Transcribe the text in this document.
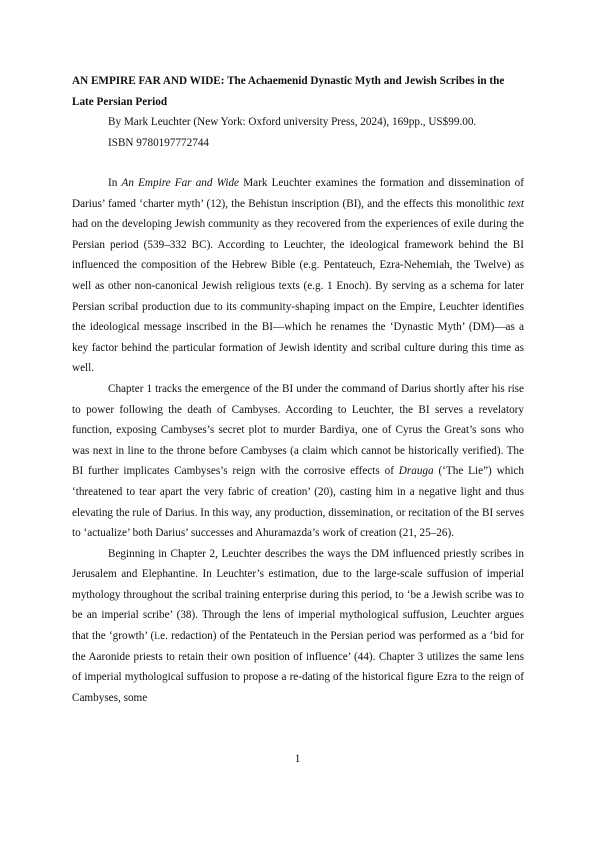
AN EMPIRE FAR AND WIDE: The Achaemenid Dynastic Myth and Jewish Scribes in the Late Persian Period
By Mark Leuchter (New York: Oxford university Press, 2024), 169pp., US$99.00.
ISBN 9780197772744

In An Empire Far and Wide Mark Leuchter examines the formation and dissemination of Darius’ famed ‘charter myth’ (12), the Behistun inscription (BI), and the effects this monolithic text had on the developing Jewish community as they recovered from the experiences of exile during the Persian period (539–332 BC). According to Leuchter, the ideological framework behind the BI influenced the composition of the Hebrew Bible (e.g. Pentateuch, Ezra-Nehemiah, the Twelve) as well as other non-canonical Jewish religious texts (e.g. 1 Enoch). By serving as a schema for later Persian scribal production due to its community-shaping impact on the Empire, Leuchter identifies the ideological message inscribed in the BI—which he renames the ‘Dynastic Myth’ (DM)—as a key factor behind the particular formation of Jewish identity and scribal culture during this time as well.

Chapter 1 tracks the emergence of the BI under the command of Darius shortly after his rise to power following the death of Cambyses. According to Leuchter, the BI serves a revelatory function, exposing Cambyses’s secret plot to murder Bardiya, one of Cyrus the Great’s sons who was next in line to the throne before Cambyses (a claim which cannot be historically verified). The BI further implicates Cambyses’s reign with the corrosive effects of Drauga (‘The Lie”) which ‘threatened to tear apart the very fabric of creation’ (20), casting him in a negative light and thus elevating the rule of Darius. In this way, any production, dissemination, or recitation of the BI serves to ‘actualize’ both Darius’ successes and Ahuramazda’s work of creation (21, 25–26).

Beginning in Chapter 2, Leuchter describes the ways the DM influenced priestly scribes in Jerusalem and Elephantine. In Leuchter’s estimation, due to the large-scale suffusion of imperial mythology throughout the scribal training enterprise during this period, to ‘be a Jewish scribe was to be an imperial scribe’ (38). Through the lens of imperial mythological suffusion, Leuchter argues that the ‘growth’ (i.e. redaction) of the Pentateuch in the Persian period was performed as a ‘bid for the Aaronide priests to retain their own position of influence’ (44). Chapter 3 utilizes the same lens of imperial mythological suffusion to propose a re-dating of the historical figure Ezra to the reign of Cambyses, some

1
